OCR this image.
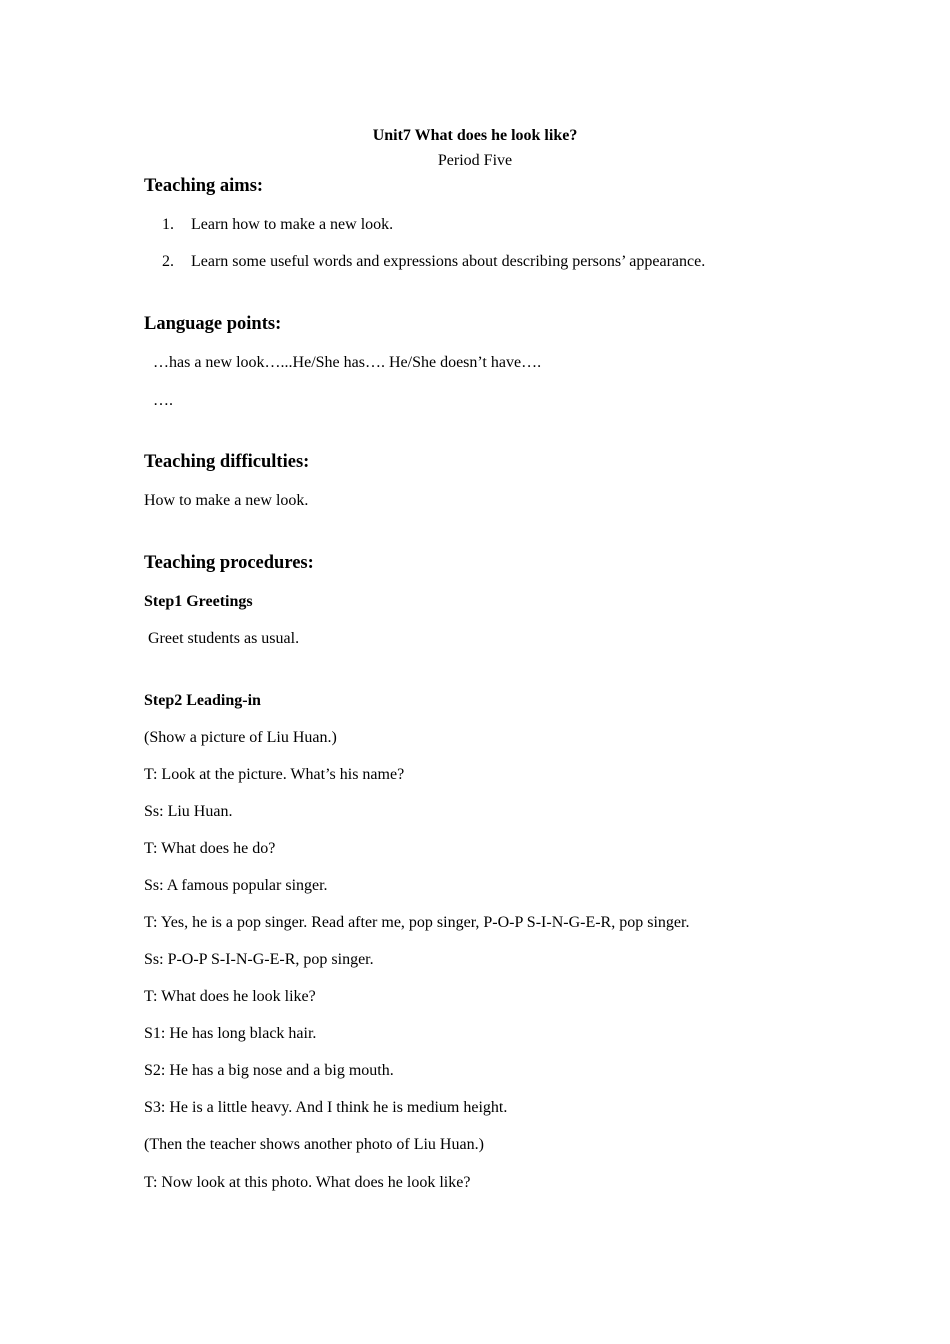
Unit7 What does he look like?
Period Five
Teaching aims:
1. Learn how to make a new look.
2. Learn some useful words and expressions about describing persons’ appearance.
Language points:
…has a new look…...He/She has…. He/She doesn’t have….
….
Teaching difficulties:
How to make a new look.
Teaching procedures:
Step1 Greetings
Greet students as usual.
Step2 Leading-in
(Show a picture of Liu Huan.)
T: Look at the picture. What’s his name?
Ss: Liu Huan.
T: What does he do?
Ss: A famous popular singer.
T: Yes, he is a pop singer. Read after me, pop singer, P-O-P S-I-N-G-E-R, pop singer.
Ss: P-O-P S-I-N-G-E-R, pop singer.
T: What does he look like?
S1: He has long black hair.
S2: He has a big nose and a big mouth.
S3: He is a little heavy. And I think he is medium height.
(Then the teacher shows another photo of Liu Huan.)
T: Now look at this photo. What does he look like?
